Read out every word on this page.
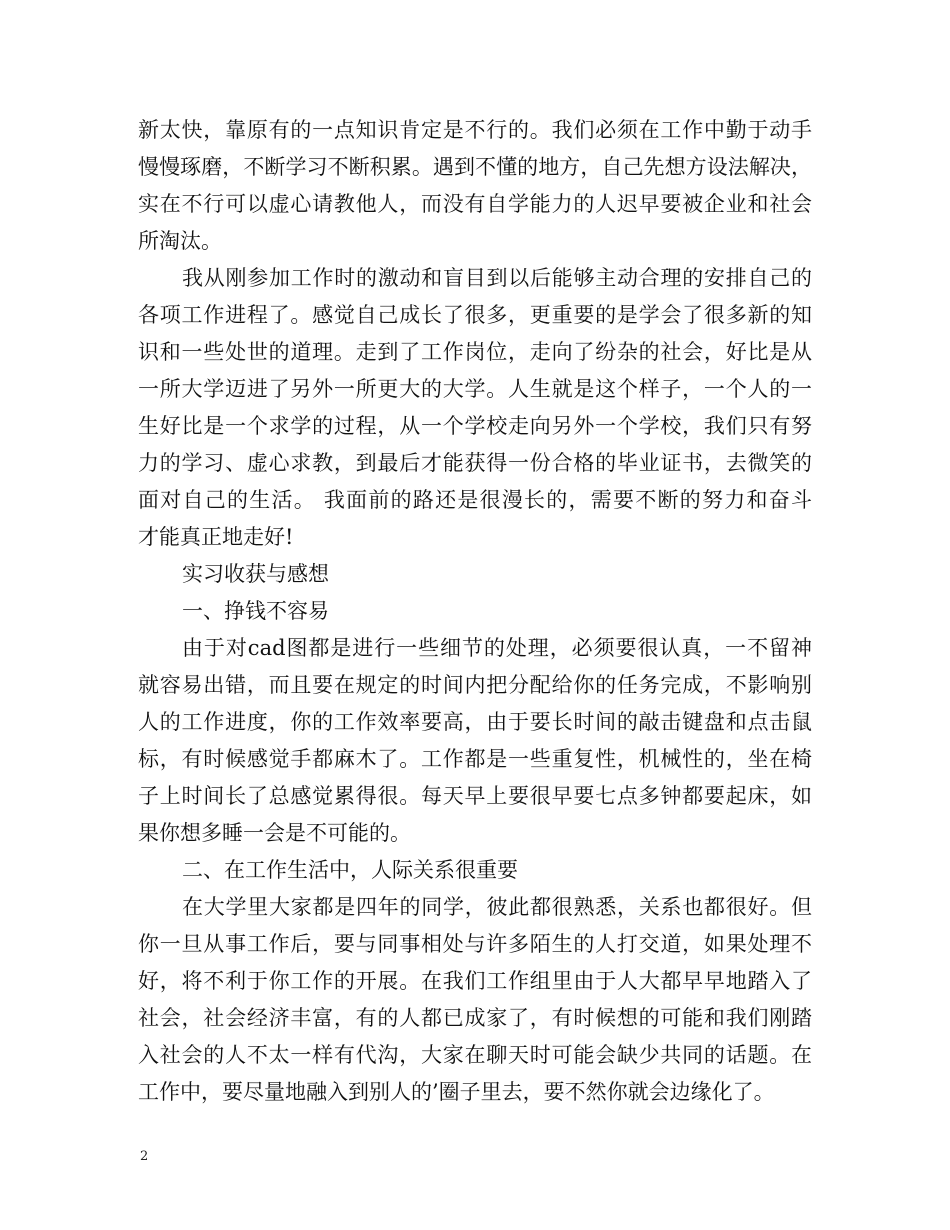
新太快，靠原有的一点知识肯定是不行的。我们必须在工作中勤于动手
慢慢琢磨，不断学习不断积累。遇到不懂的地方，自己先想方设法解决，
实在不行可以虚心请教他人，而没有自学能力的人迟早要被企业和社会
所淘汰。
我从刚参加工作时的激动和盲目到以后能够主动合理的安排自己的
各项工作进程了。感觉自己成长了很多，更重要的是学会了很多新的知
识和一些处世的道理。走到了工作岗位，走向了纷杂的社会，好比是从
一所大学迈进了另外一所更大的大学。人生就是这个样子，一个人的一
生好比是一个求学的过程，从一个学校走向另外一个学校，我们只有努
力的学习、虚心求教，到最后才能获得一份合格的毕业证书，去微笑的
面对自己的生活。 我面前的路还是很漫长的，需要不断的努力和奋斗
才能真正地走好!
实习收获与感想
一、挣钱不容易
由于对cad图都是进行一些细节的处理，必须要很认真，一不留神
就容易出错，而且要在规定的时间内把分配给你的任务完成，不影响别
人的工作进度，你的工作效率要高，由于要长时间的敲击键盘和点击鼠
标，有时候感觉手都麻木了。工作都是一些重复性，机械性的，坐在椅
子上时间长了总感觉累得很。每天早上要很早要七点多钟都要起床，如
果你想多睡一会是不可能的。
二、在工作生活中，人际关系很重要
在大学里大家都是四年的同学，彼此都很熟悉，关系也都很好。但
你一旦从事工作后，要与同事相处与许多陌生的人打交道，如果处理不
好，将不利于你工作的开展。在我们工作组里由于人大都早早地踏入了
社会，社会经济丰富，有的人都已成家了，有时候想的可能和我们刚踏
入社会的人不太一样有代沟，大家在聊天时可能会缺少共同的话题。在
工作中，要尽量地融入到别人的’圈子里去，要不然你就会边缘化了。
2
